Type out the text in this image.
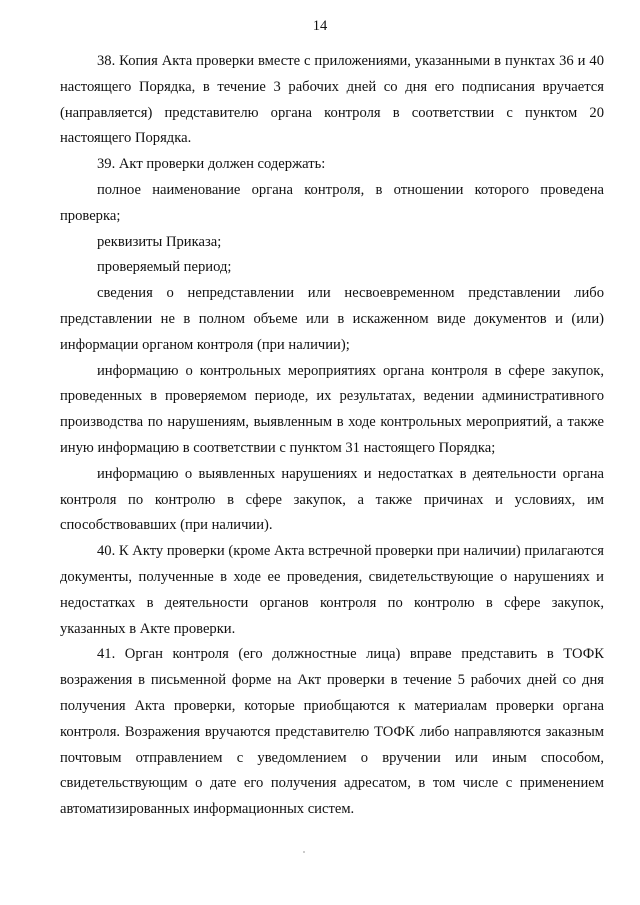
14

38. Копия Акта проверки вместе с приложениями, указанными в пунктах 36 и 40 настоящего Порядка, в течение 3 рабочих дней со дня его подписания вручается (направляется) представителю органа контроля в соответствии с пунктом 20 настоящего Порядка.

39. Акт проверки должен содержать:

полное наименование органа контроля, в отношении которого проведена проверка;

реквизиты Приказа;

проверяемый период;

сведения о непредставлении или несвоевременном представлении либо представлении не в полном объеме или в искаженном виде документов и (или) информации органом контроля (при наличии);

информацию о контрольных мероприятиях органа контроля в сфере закупок, проведенных в проверяемом периоде, их результатах, ведении административного производства по нарушениям, выявленным в ходе контрольных мероприятий, а также иную информацию в соответствии с пунктом 31 настоящего Порядка;

информацию о выявленных нарушениях и недостатках в деятельности органа контроля по контролю в сфере закупок, а также причинах и условиях, им способствовавших (при наличии).

40. К Акту проверки (кроме Акта встречной проверки при наличии) прилагаются документы, полученные в ходе ее проведения, свидетельствующие о нарушениях и недостатках в деятельности органов контроля по контролю в сфере закупок, указанных в Акте проверки.

41. Орган контроля (его должностные лица) вправе представить в ТОФК возражения в письменной форме на Акт проверки в течение 5 рабочих дней со дня получения Акта проверки, которые приобщаются к материалам проверки органа контроля. Возражения вручаются представителю ТОФК либо направляются заказным почтовым отправлением с уведомлением о вручении или иным способом, свидетельствующим о дате его получения адресатом, в том числе с применением автоматизированных информационных систем.
